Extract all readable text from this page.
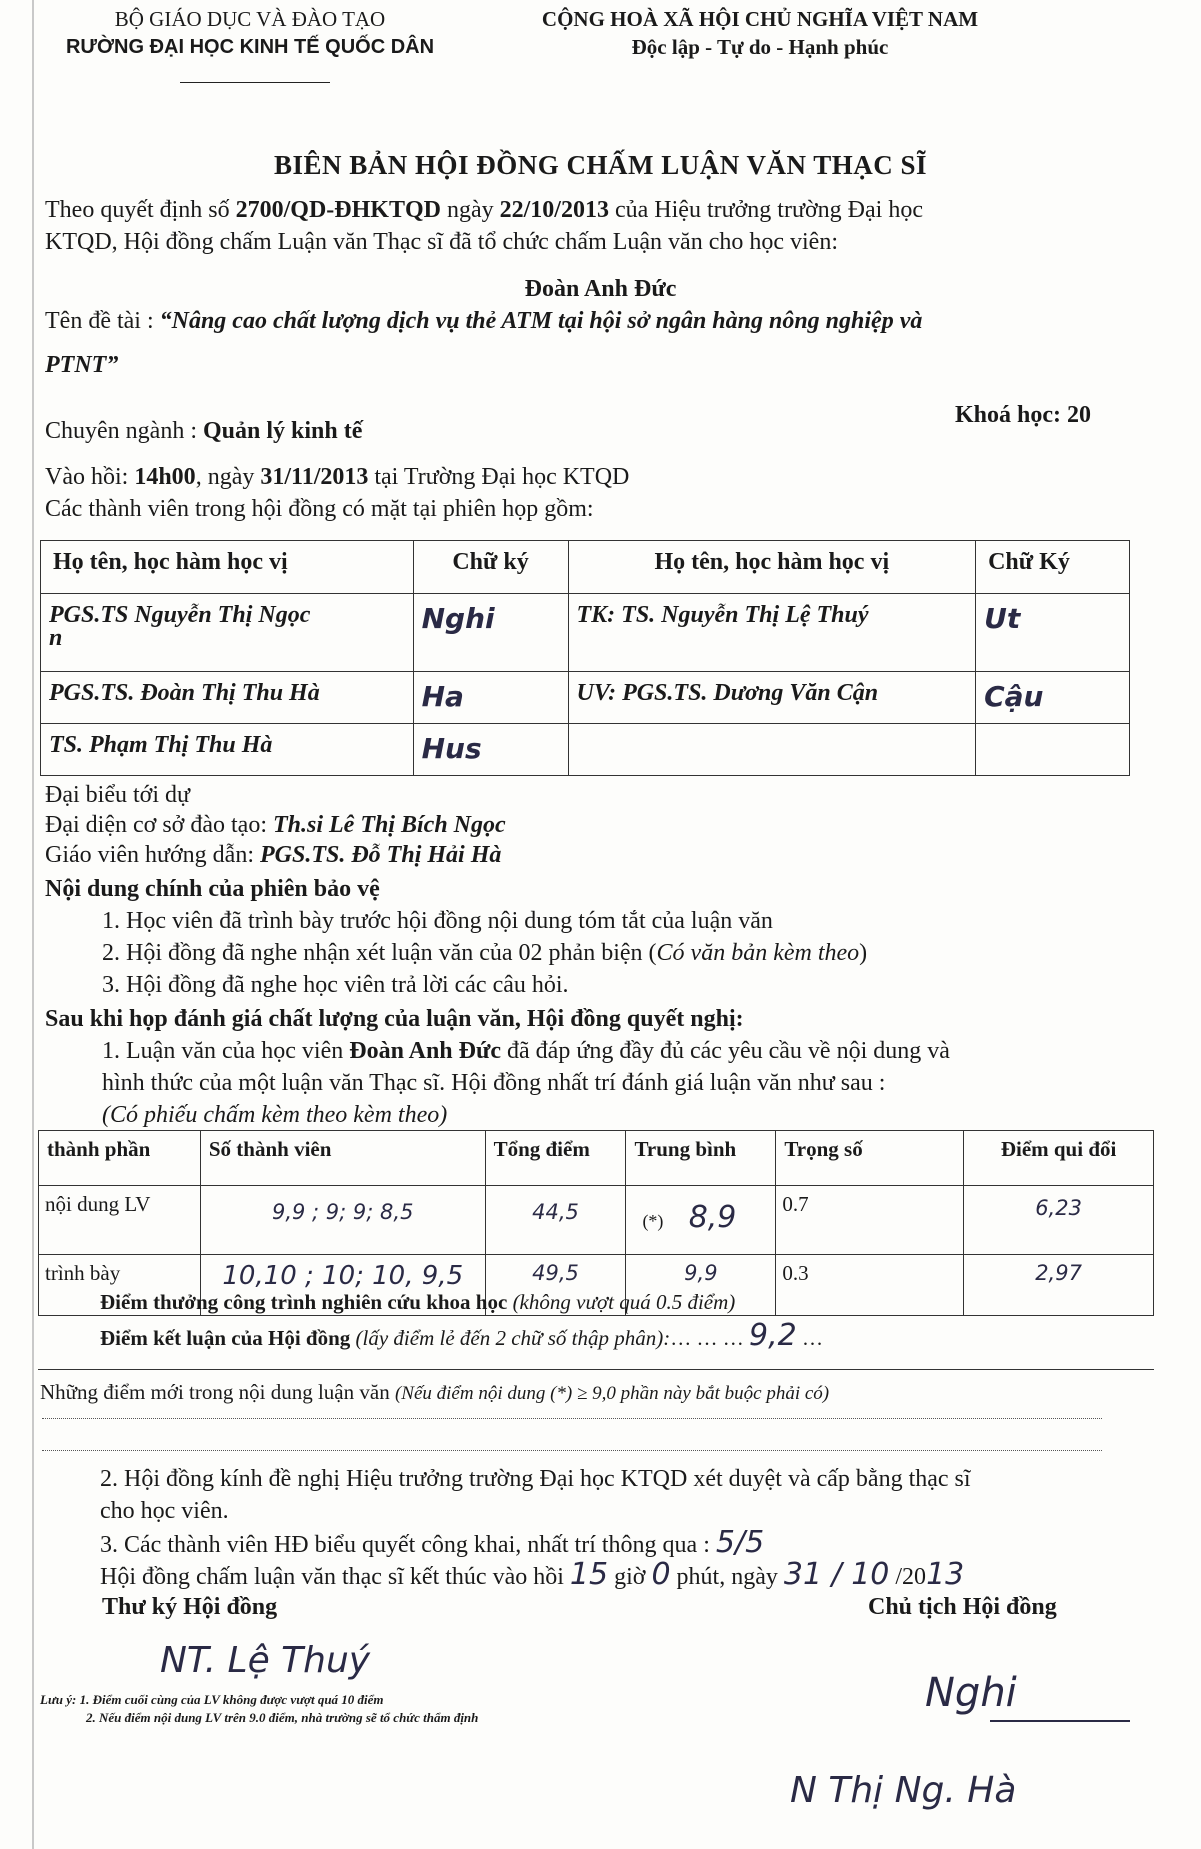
BỘ GIÁO DỤC VÀ ĐÀO TẠO
RƯỜNG ĐẠI HỌC KINH TẾ QUỐC DÂN
CỘNG HOÀ XÃ HỘI CHỦ NGHĨA VIỆT NAM
Độc lập - Tự do - Hạnh phúc
BIÊN BẢN HỘI ĐỒNG CHẤM LUẬN VĂN THẠC SĨ
Theo quyết định số 2700/QD-ĐHKTQD ngày 22/10/2013 của Hiệu trưởng trường Đại học
KTQD, Hội đồng chấm Luận văn Thạc sĩ đã tổ chức chấm Luận văn cho học viên:
Đoàn Anh Đức
Tên đề tài : “Nâng cao chất lượng dịch vụ thẻ ATM tại hội sở ngân hàng nông nghiệp và
PTNT”
Chuyên ngành : Quản lý kinh tế
Khoá học: 20
Vào hồi: 14h00, ngày 31/11/2013 tại Trường Đại học KTQD
Các thành viên trong hội đồng có mặt tại phiên họp gồm:
Họ tên, học hàm học vị	Chữ ký	Họ tên, học hàm học vị	Chữ Ký

PGS.TS Nguyễn Thị Ngọc
n	Nghi	TK: TS. Nguyễn Thị Lệ Thuý	Ut
PGS.TS. Đoàn Thị Thu Hà	Ha	UV: PGS.TS. Dương Văn Cận	Cậu
TS. Phạm Thị Thu Hà	Hus		
Đại biểu tới dự
Đại diện cơ sở đào tạo: Th.si Lê Thị Bích Ngọc
Giáo viên hướng dẫn: PGS.TS. Đỗ Thị Hải Hà
Nội dung chính của phiên bảo vệ
1. Học viên đã trình bày trước hội đồng nội dung tóm tắt của luận văn
2. Hội đồng đã nghe nhận xét luận văn của 02 phản biện (Có văn bản kèm theo)
3. Hội đồng đã nghe học viên trả lời các câu hỏi.
Sau khi họp đánh giá chất lượng của luận văn, Hội đồng quyết nghị:
1. Luận văn của học viên Đoàn Anh Đức đã đáp ứng đầy đủ các yêu cầu về nội dung và
hình thức của một luận văn Thạc sĩ. Hội đồng nhất trí đánh giá luận văn như sau :
(Có phiếu chấm kèm theo kèm theo)
thành phần	Số thành viên	Tổng điểm	Trung bình	Trọng số	Điểm qui đổi
nội dung LV	9,9 ; 9; 9; 8,5	44,5	(*) 8,9	0.7	6,23
trình bày	10,10 ; 10; 10, 9,5	49,5	9,9	0.3	2,97
Điểm thưởng công trình nghiên cứu khoa học (không vượt quá 0.5 điểm)
Điểm kết luận của Hội đồng (lấy điểm lẻ đến 2 chữ số thập phân):… … … 9,2 …
Những điểm mới trong nội dung luận văn (Nếu điểm nội dung (*) ≥ 9,0 phần này bắt buộc phải có)
2. Hội đồng kính đề nghị Hiệu trưởng trường Đại học KTQD xét duyệt và cấp bằng thạc sĩ
cho học viên.
3. Các thành viên HĐ biểu quyết công khai, nhất trí thông qua : 5/5
Hội đồng chấm luận văn thạc sĩ kết thúc vào hồi 15 giờ 0 phút, ngày 31 / 10 /2013
Thư ký Hội đồng	Chủ tịch Hội đồng
NT. Lệ Thuý
Nghi
N Thị Ng. Hà
Lưu ý: 1. Điểm cuối cùng của LV không được vượt quá 10 điểm
2. Nếu điểm nội dung LV trên 9.0 điểm, nhà trường sẽ tổ chức thẩm định
